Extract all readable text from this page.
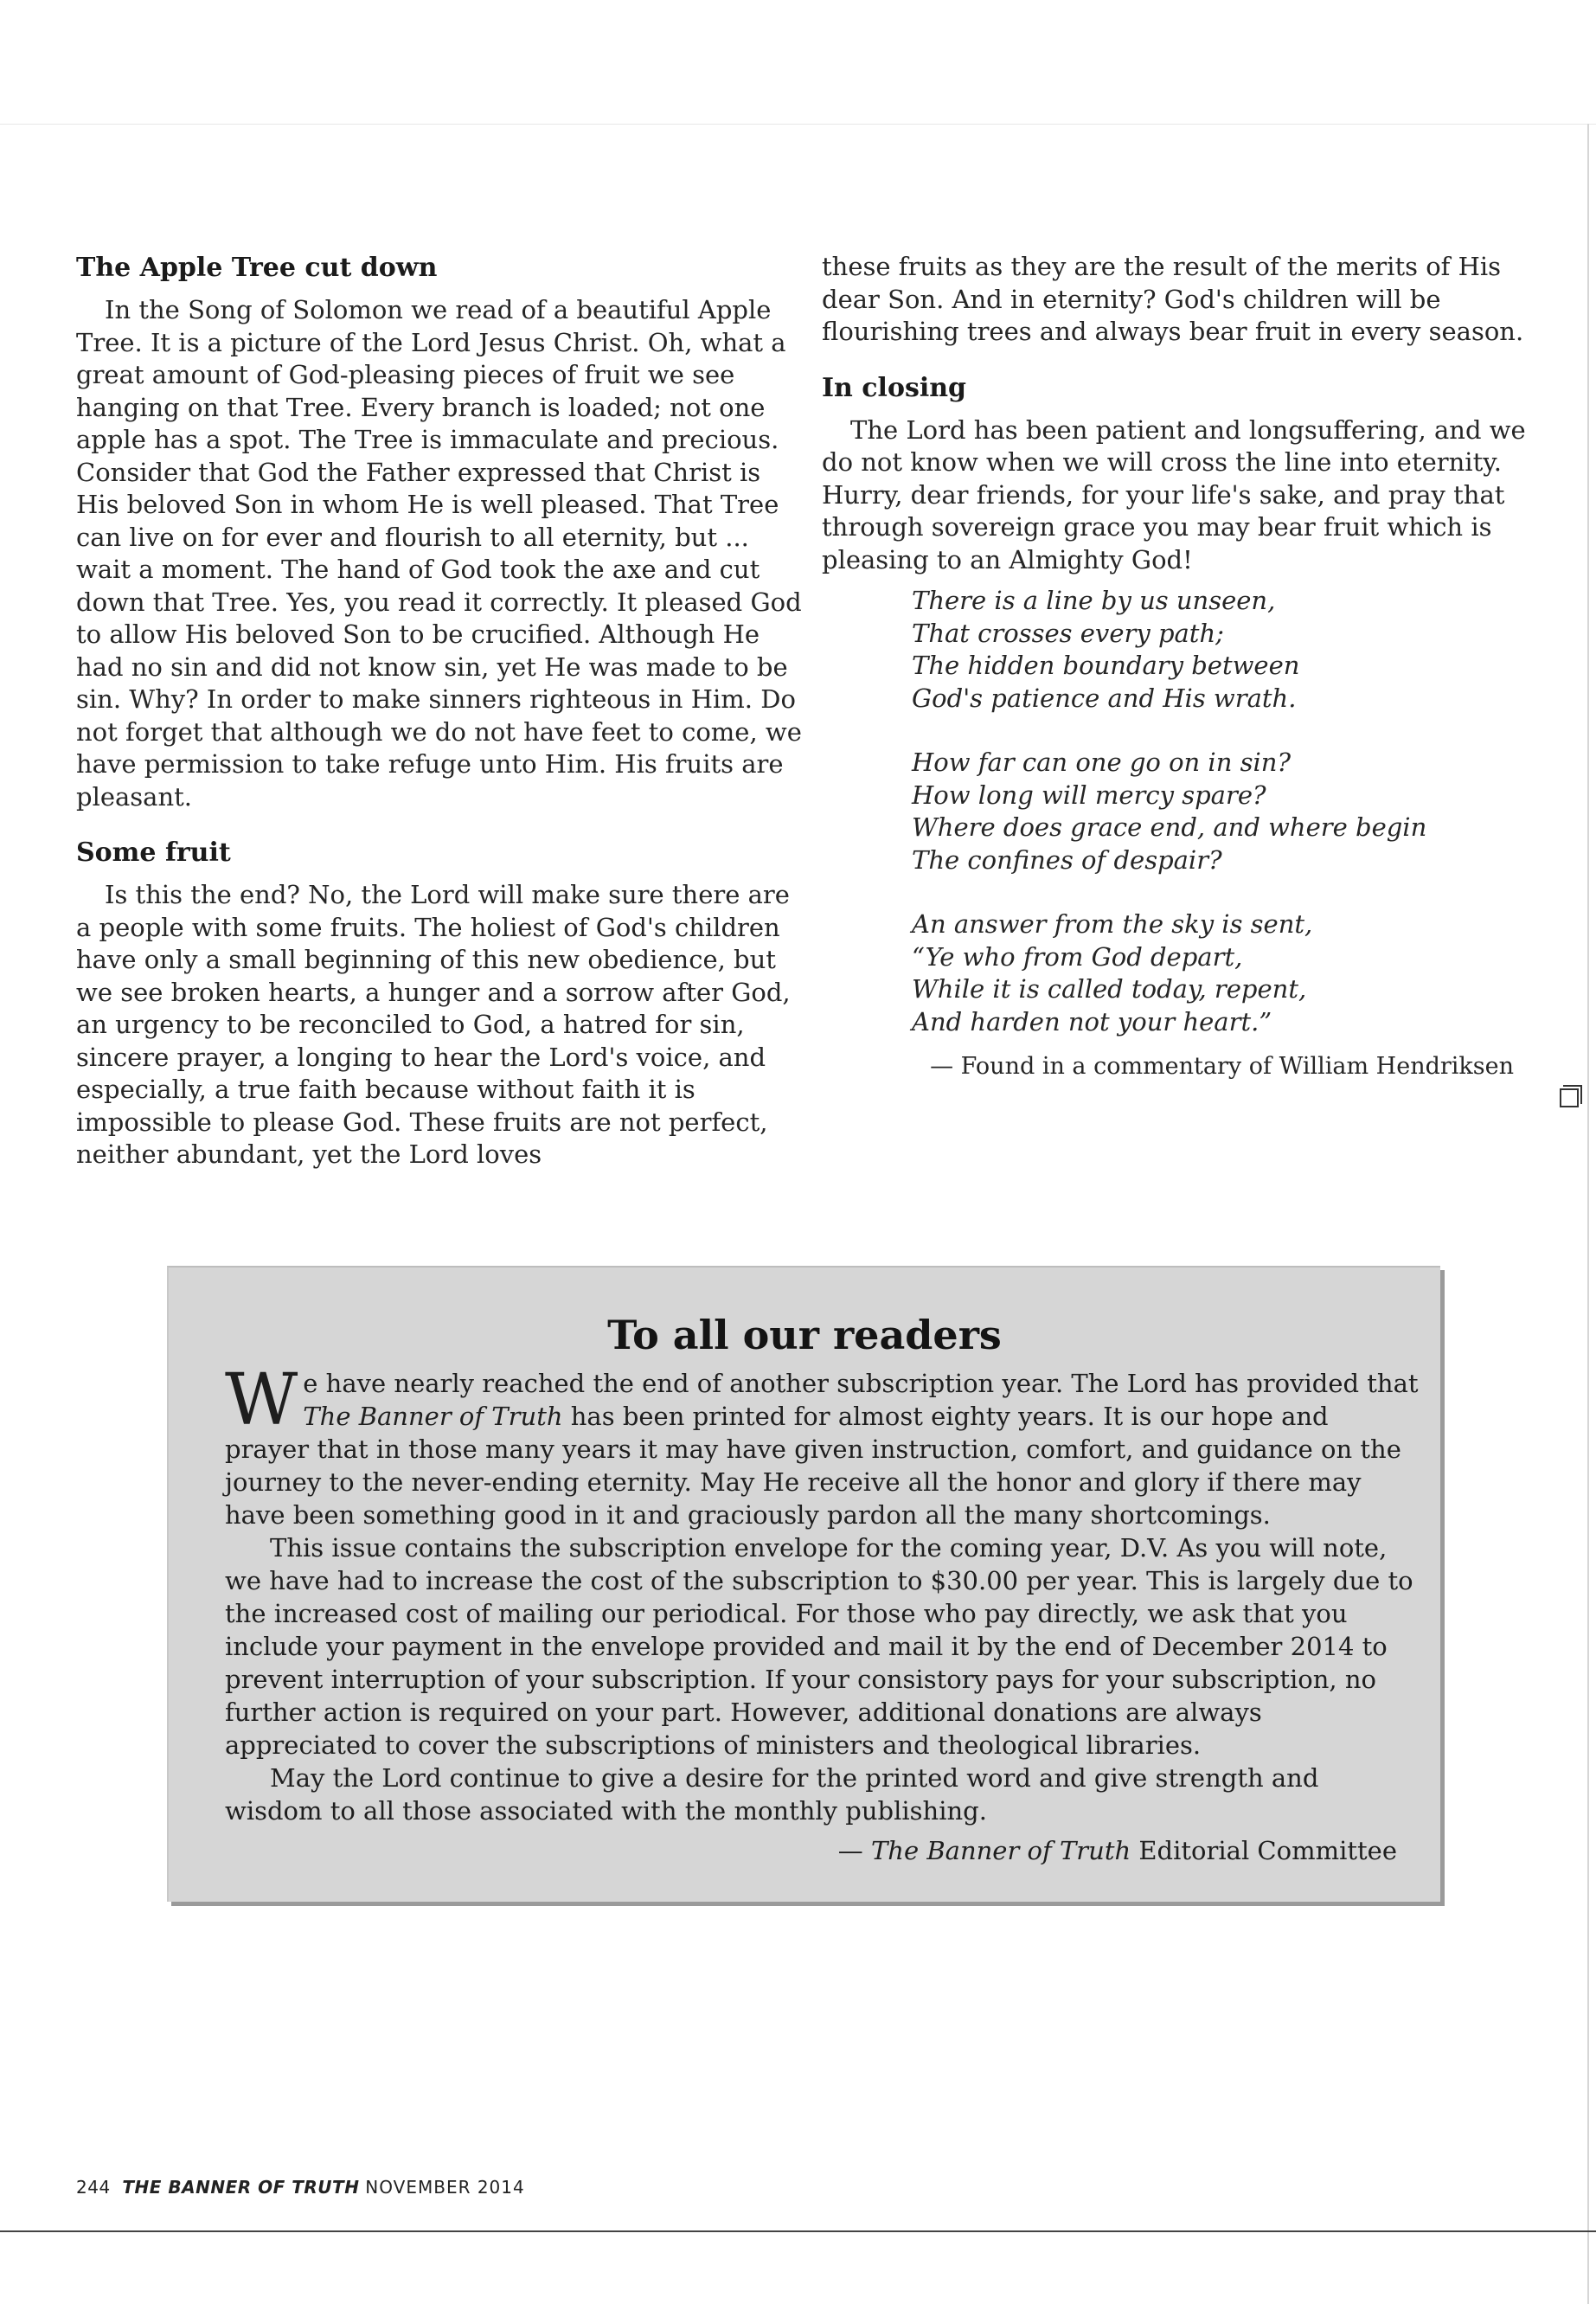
The Apple Tree cut down

In the Song of Solomon we read of a beautiful Apple Tree. It is a picture of the Lord Jesus Christ. Oh, what a great amount of God-pleasing pieces of fruit we see hanging on that Tree. Every branch is loaded; not one apple has a spot. The Tree is immaculate and precious. Consider that God the Father expressed that Christ is His beloved Son in whom He is well pleased. That Tree can live on for ever and flourish to all eternity, but ... wait a moment. The hand of God took the axe and cut down that Tree. Yes, you read it correctly. It pleased God to allow His beloved Son to be crucified. Although He had no sin and did not know sin, yet He was made to be sin. Why? In order to make sinners righteous in Him. Do not forget that although we do not have feet to come, we have permission to take refuge unto Him. His fruits are pleasant.

Some fruit

Is this the end? No, the Lord will make sure there are a people with some fruits. The holiest of God's children have only a small beginning of this new obedience, but we see broken hearts, a hunger and a sorrow after God, an urgency to be reconciled to God, a hatred for sin, sincere prayer, a longing to hear the Lord's voice, and especially, a true faith because without faith it is impossible to please God. These fruits are not perfect, neither abundant, yet the Lord loves

these fruits as they are the result of the merits of His dear Son. And in eternity? God's children will be flourishing trees and always bear fruit in every season.

In closing

The Lord has been patient and longsuffering, and we do not know when we will cross the line into eternity. Hurry, dear friends, for your life's sake, and pray that through sovereign grace you may bear fruit which is pleasing to an Almighty God!

There is a line by us unseen,
That crosses every path;
The hidden boundary between
God's patience and His wrath.
How far can one go on in sin?
How long will mercy spare?
Where does grace end, and where begin
The confines of despair?
An answer from the sky is sent,
“Ye who from God depart,
While it is called today, repent,
And harden not your heart.”

— Found in a commentary of William Hendriksen

To all our readers

We have nearly reached the end of another subscription year. The Lord has provided that The Banner of Truth has been printed for almost eighty years. It is our hope and prayer that in those many years it may have given instruction, comfort, and guidance on the journey to the never-ending eternity. May He receive all the honor and glory if there may have been something good in it and graciously pardon all the many shortcomings.

This issue contains the subscription envelope for the coming year, D.V. As you will note, we have had to increase the cost of the subscription to $30.00 per year. This is largely due to the increased cost of mailing our periodical. For those who pay directly, we ask that you include your payment in the envelope provided and mail it by the end of December 2014 to prevent interruption of your subscription. If your consistory pays for your subscription, no further action is required on your part. However, additional donations are always appreciated to cover the subscriptions of ministers and theological libraries.

May the Lord continue to give a desire for the printed word and give strength and wisdom to all those associated with the monthly publishing.

— The Banner of Truth Editorial Committee

244 THE BANNER OF TRUTH NOVEMBER 2014
